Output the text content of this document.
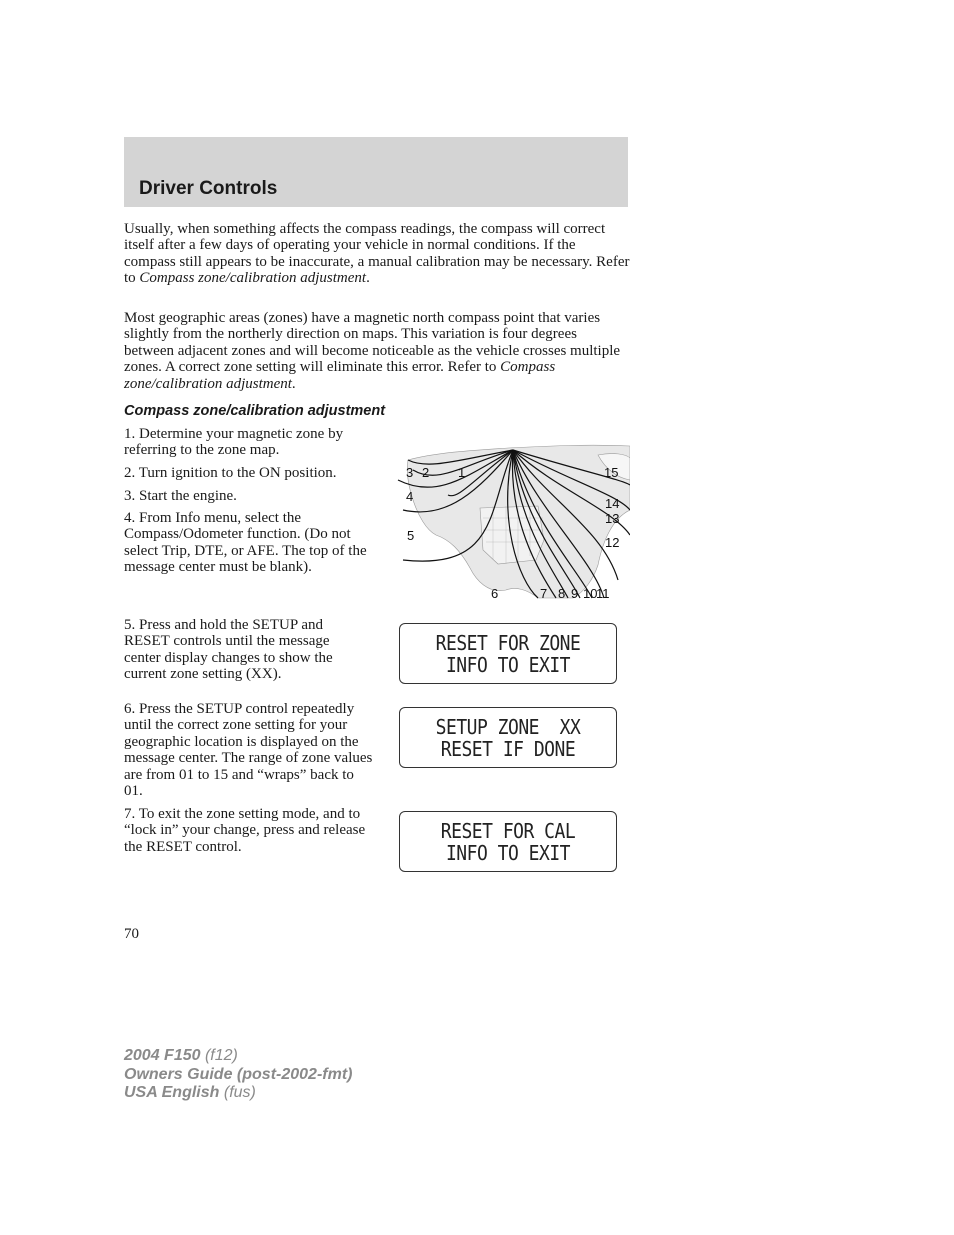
Driver Controls

Usually, when something affects the compass readings, the compass will correct itself after a few days of operating your vehicle in normal conditions. If the compass still appears to be inaccurate, a manual calibration may be necessary. Refer to Compass zone/calibration adjustment.

Most geographic areas (zones) have a magnetic north compass point that varies slightly from the northerly direction on maps. This variation is four degrees between adjacent zones and will become noticeable as the vehicle crosses multiple zones. A correct zone setting will eliminate this error. Refer to Compass zone/calibration adjustment.

Compass zone/calibration adjustment

1. Determine your magnetic zone by referring to the zone map.

2. Turn ignition to the ON position.

3. Start the engine.

4. From Info menu, select the Compass/Odometer function. (Do not select Trip, DTE, or AFE. The top of the message center must be blank).

5. Press and hold the SETUP and RESET controls until the message center display changes to show the current zone setting (XX).

6. Press the SETUP control repeatedly until the correct zone setting for your geographic location is displayed on the message center. The range of zone values are from 01 to 15 and “wraps” back to 01.

7. To exit the zone setting mode, and to “lock in” your change, press and release the RESET control.

3 2 1
4
5
6	7 8 9 10
11
12
13
14
15
RESET FOR ZONE
INFO TO EXIT
SETUP ZONE  XX
RESET IF DONE
RESET FOR CAL
INFO TO EXIT
70
2004 F150 (f12)
Owners Guide (post-2002-fmt)
USA English (fus)
